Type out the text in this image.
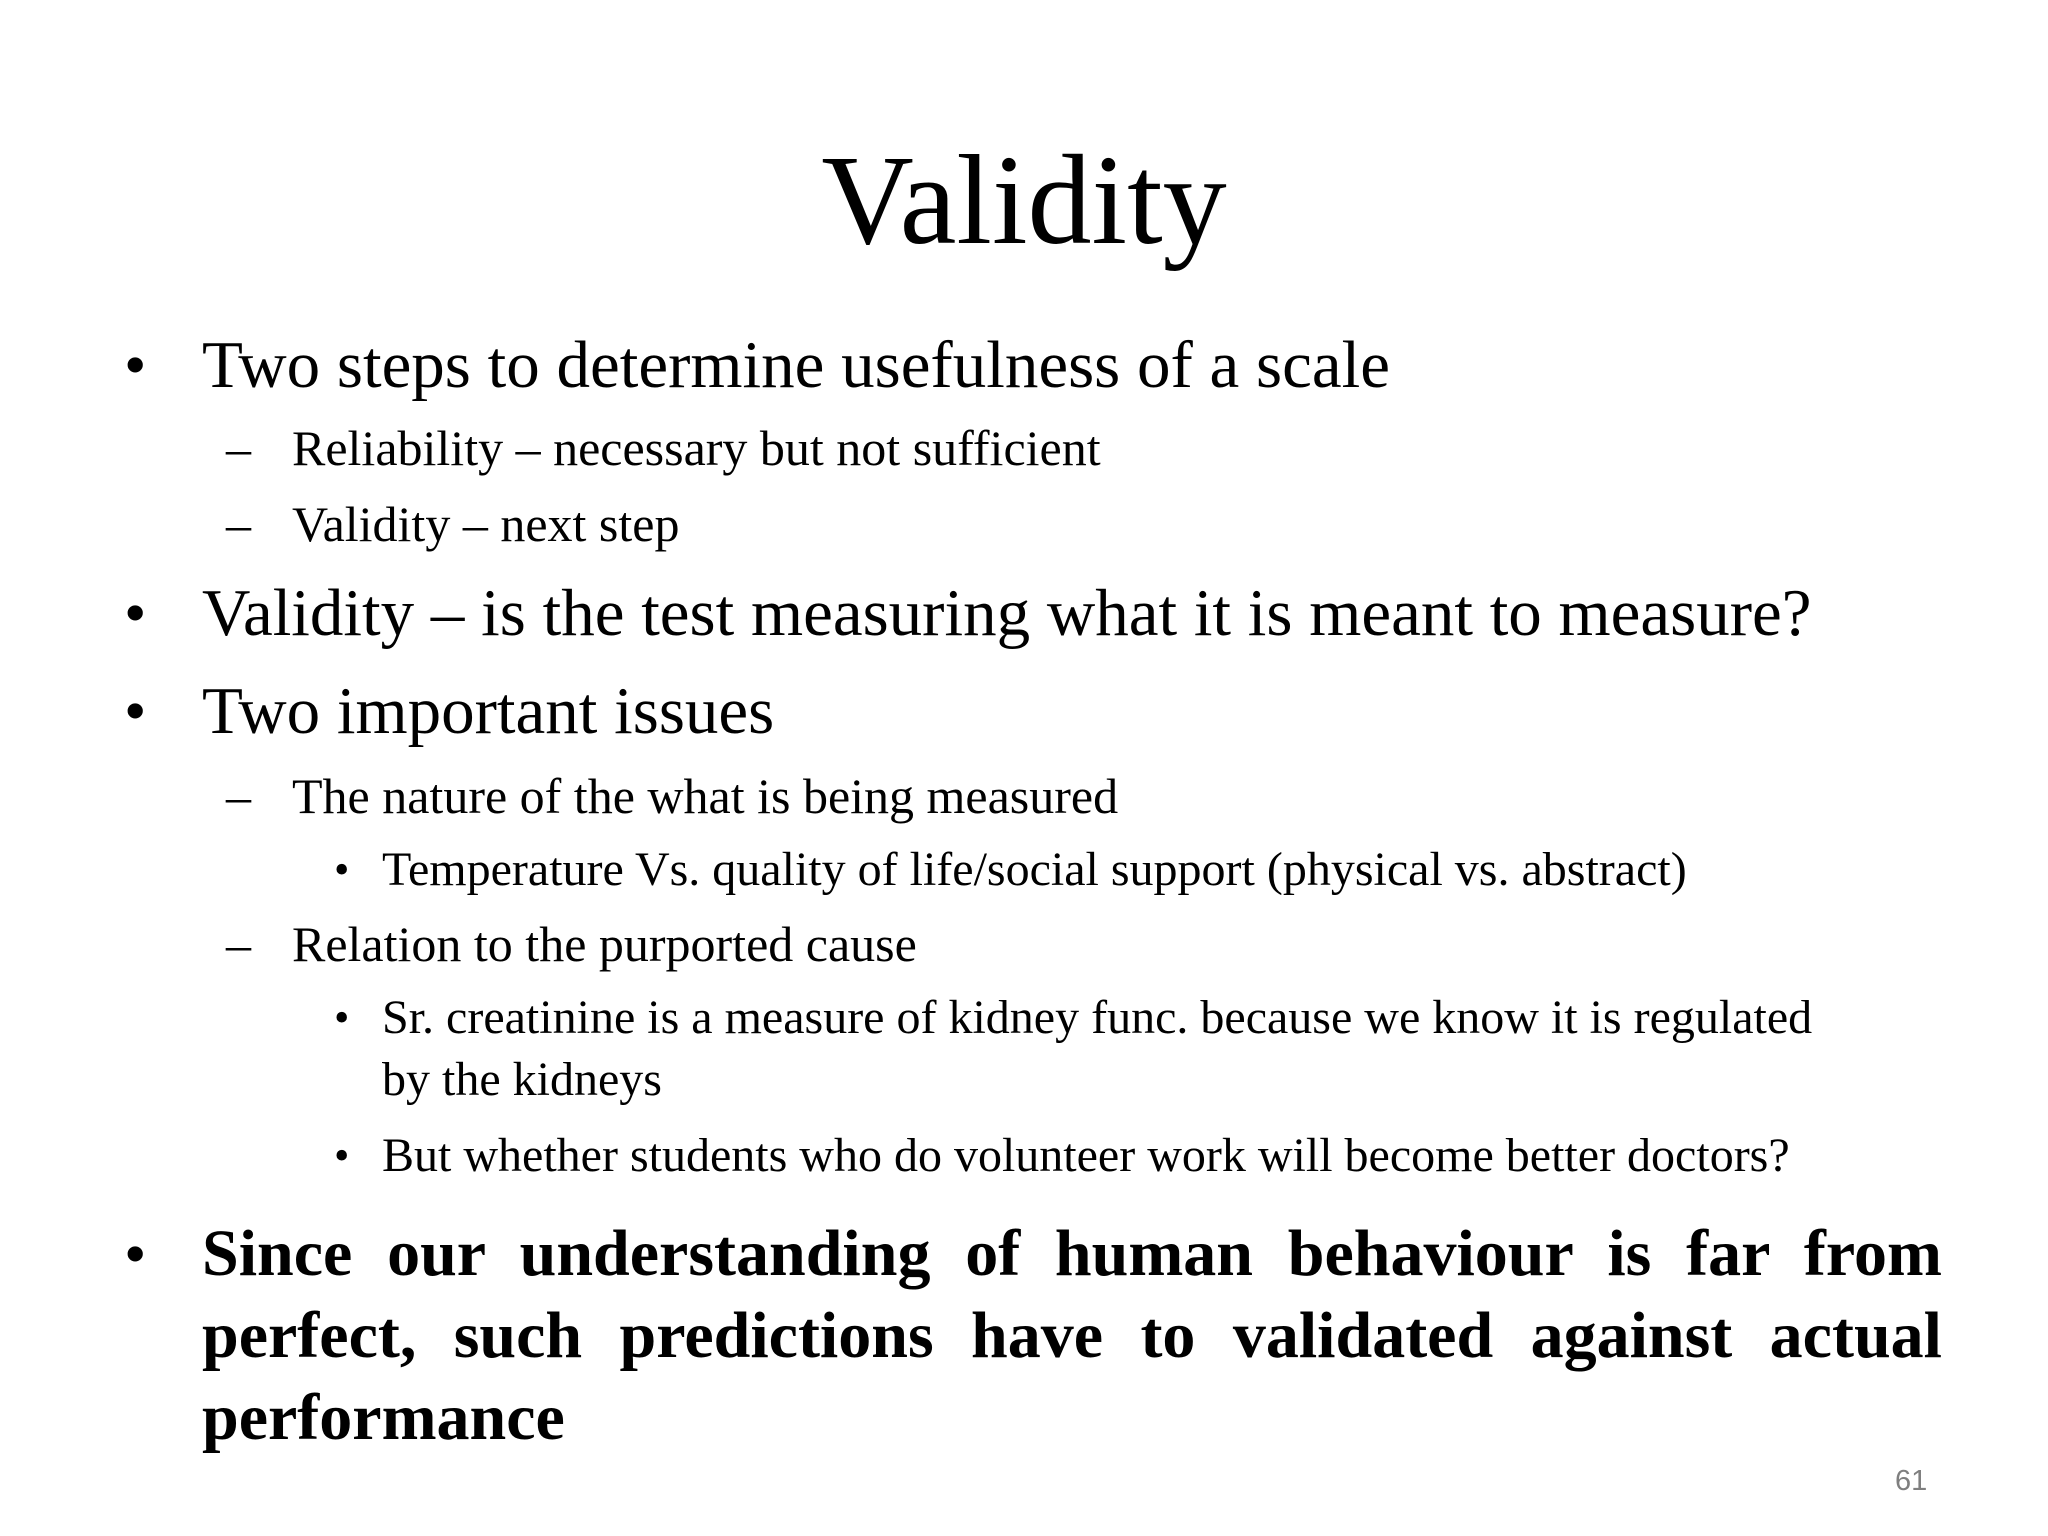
Validity
• Two steps to determine usefulness of a scale
– Reliability – necessary but not sufficient
– Validity – next step
• Validity – is the test measuring what it is meant to measure?
• Two important issues
– The nature of the what is being measured
• Temperature Vs. quality of life/social support (physical vs. abstract)
– Relation to the purported cause
• Sr. creatinine is a measure of kidney func. because we know it is regulated
by the kidneys
• But whether students who do volunteer work will become better doctors?
• Since our understanding of human behaviour is far from perfect, such predictions have to validated against actual performance

61
